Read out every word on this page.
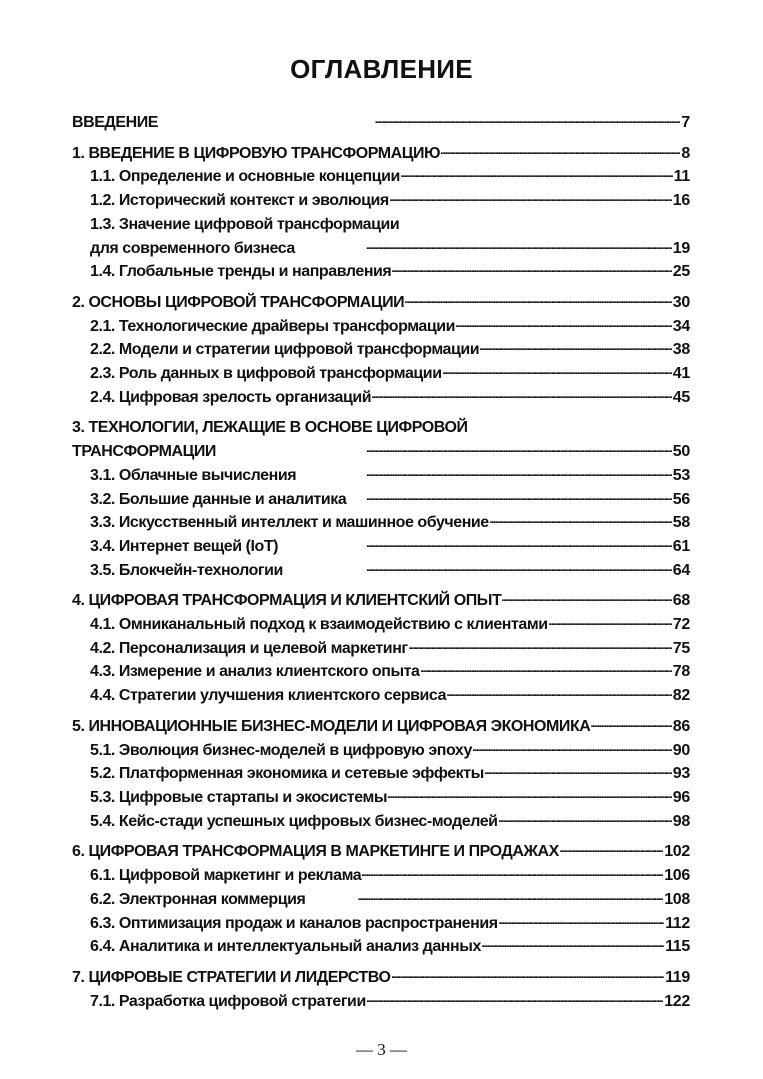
ОГЛАВЛЕНИЕ
ВВЕДЕНИЕ . . .	7
1. ВВЕДЕНИЕ В ЦИФРОВУЮ ТРАНСФОРМАЦИЮ . . .	8
1.1. Определение и основные концепции . . .	11
1.2. Исторический контекст и эволюция . . .	16
1.3. Значение цифровой трансформации
для современного бизнеса . . .	19
1.4. Глобальные тренды и направления . . .	25
2. ОСНОВЫ ЦИФРОВОЙ ТРАНСФОРМАЦИИ . . .	30
2.1. Технологические драйверы трансформации . . .	34
2.2. Модели и стратегии цифровой трансформации . . .	38
2.3. Роль данных в цифровой трансформации . . .	41
2.4. Цифровая зрелость организаций . . .	45
3. ТЕХНОЛОГИИ, ЛЕЖАЩИЕ В ОСНОВЕ ЦИФРОВОЙ
ТРАНСФОРМАЦИИ . . .	50
3.1. Облачные вычисления . . .	53
3.2. Большие данные и аналитика . . .	56
3.3. Искусственный интеллект и машинное обучение . . .	58
3.4. Интернет вещей (IoT) . . .	61
3.5. Блокчейн-технологии . . .	64
4. ЦИФРОВАЯ ТРАНСФОРМАЦИЯ И КЛИЕНТСКИЙ ОПЫТ . . .	68
4.1. Омниканальный подход к взаимодействию с клиентами . . .	72
4.2. Персонализация и целевой маркетинг . . .	75
4.3. Измерение и анализ клиентского опыта . . .	78
4.4. Стратегии улучшения клиентского сервиса . . .	82
5. ИННОВАЦИОННЫЕ БИЗНЕС-МОДЕЛИ И ЦИФРОВАЯ ЭКОНОМИКА . . .	86
5.1. Эволюция бизнес-моделей в цифровую эпоху . . .	90
5.2. Платформенная экономика и сетевые эффекты . . .	93
5.3. Цифровые стартапы и экосистемы . . .	96
5.4. Кейс-стади успешных цифровых бизнес-моделей . . .	98
6. ЦИФРОВАЯ ТРАНСФОРМАЦИЯ В МАРКЕТИНГЕ И ПРОДАЖАХ . . .	102
6.1. Цифровой маркетинг и реклама . . .	106
6.2. Электронная коммерция . . .	108
6.3. Оптимизация продаж и каналов распространения . . .	112
6.4. Аналитика и интеллектуальный анализ данных . . .	115
7. ЦИФРОВЫЕ СТРАТЕГИИ И ЛИДЕРСТВО . . .	119
7.1. Разработка цифровой стратегии . . .	122
— 3 —
